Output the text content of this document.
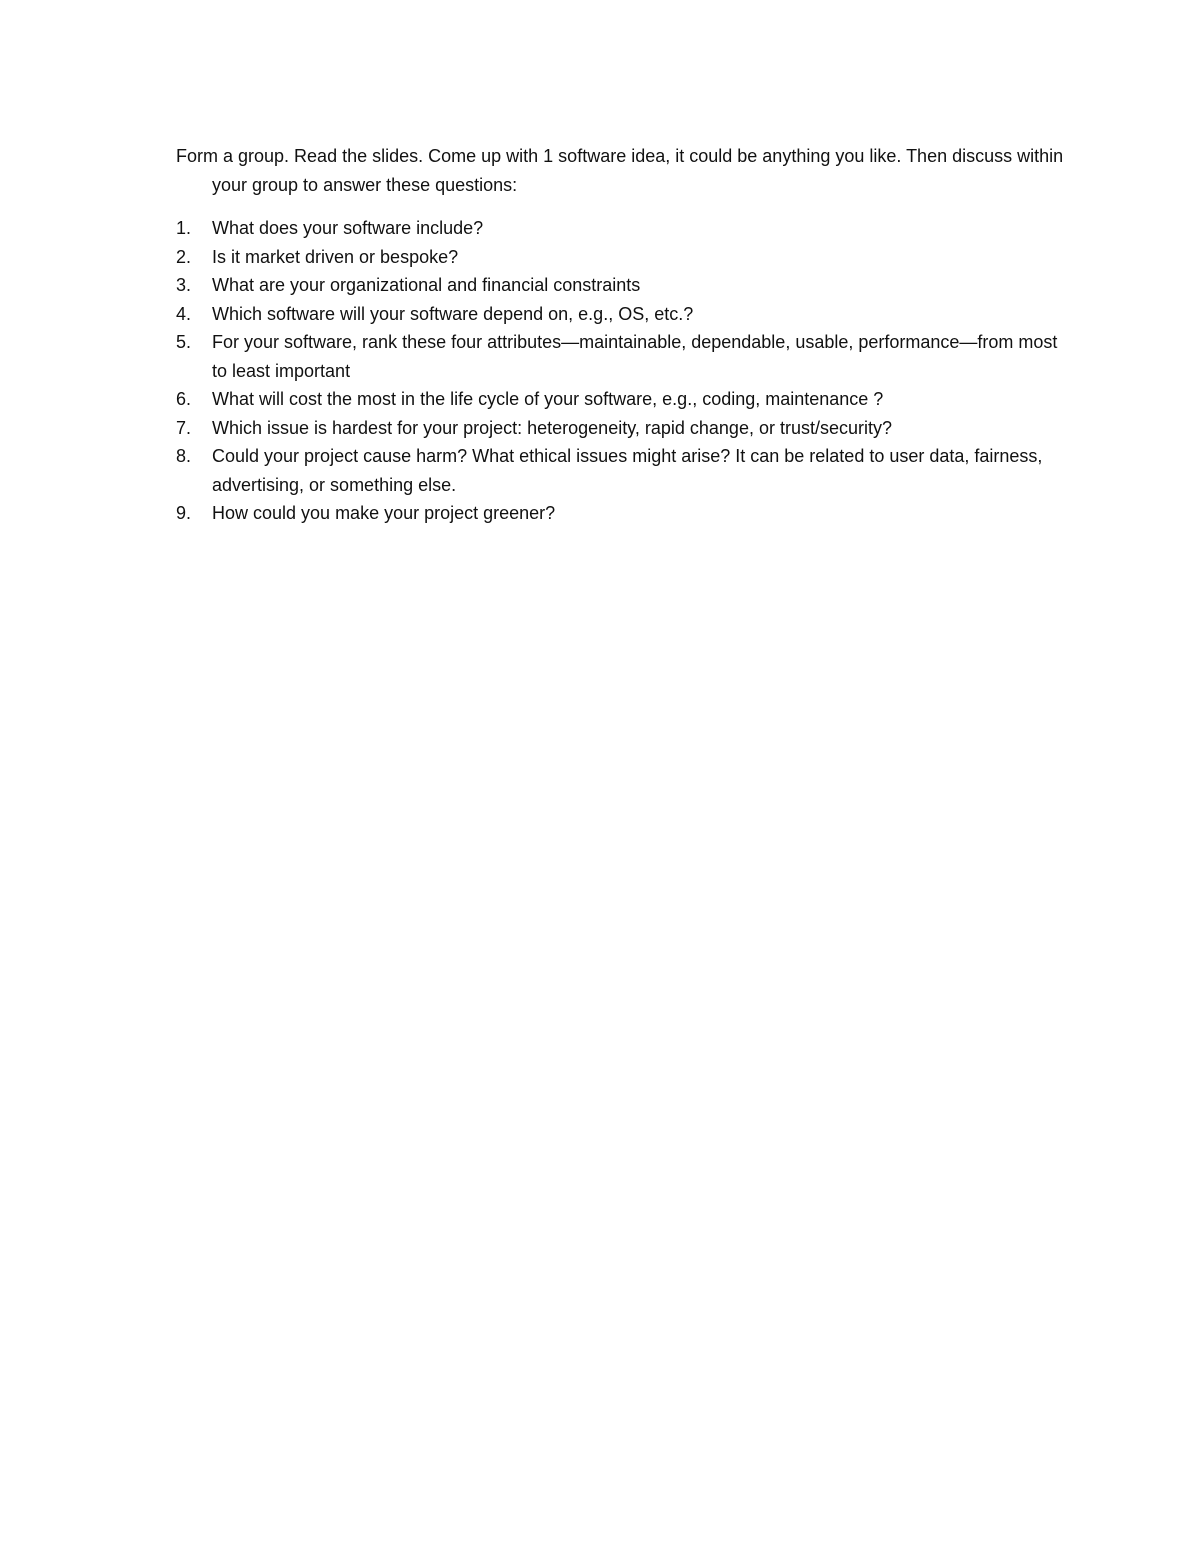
Form a group. Read the slides. Come up with 1 software idea, it could be anything you like. Then discuss within your group to answer these questions:

1.	What does your software include?
2.	Is it market driven or bespoke?
3.	What are your organizational and financial constraints
4.	Which software will your software depend on, e.g., OS, etc.?
5.	For your software, rank these four attributes—maintainable, dependable, usable, performance—from most to least important
6.	What will cost the most in the life cycle of your software, e.g., coding, maintenance ?
7.	Which issue is hardest for your project: heterogeneity, rapid change, or trust/security?
8.	Could your project cause harm? What ethical issues might arise? It can be related to user data, fairness, advertising, or something else.
9.	How could you make your project greener?
